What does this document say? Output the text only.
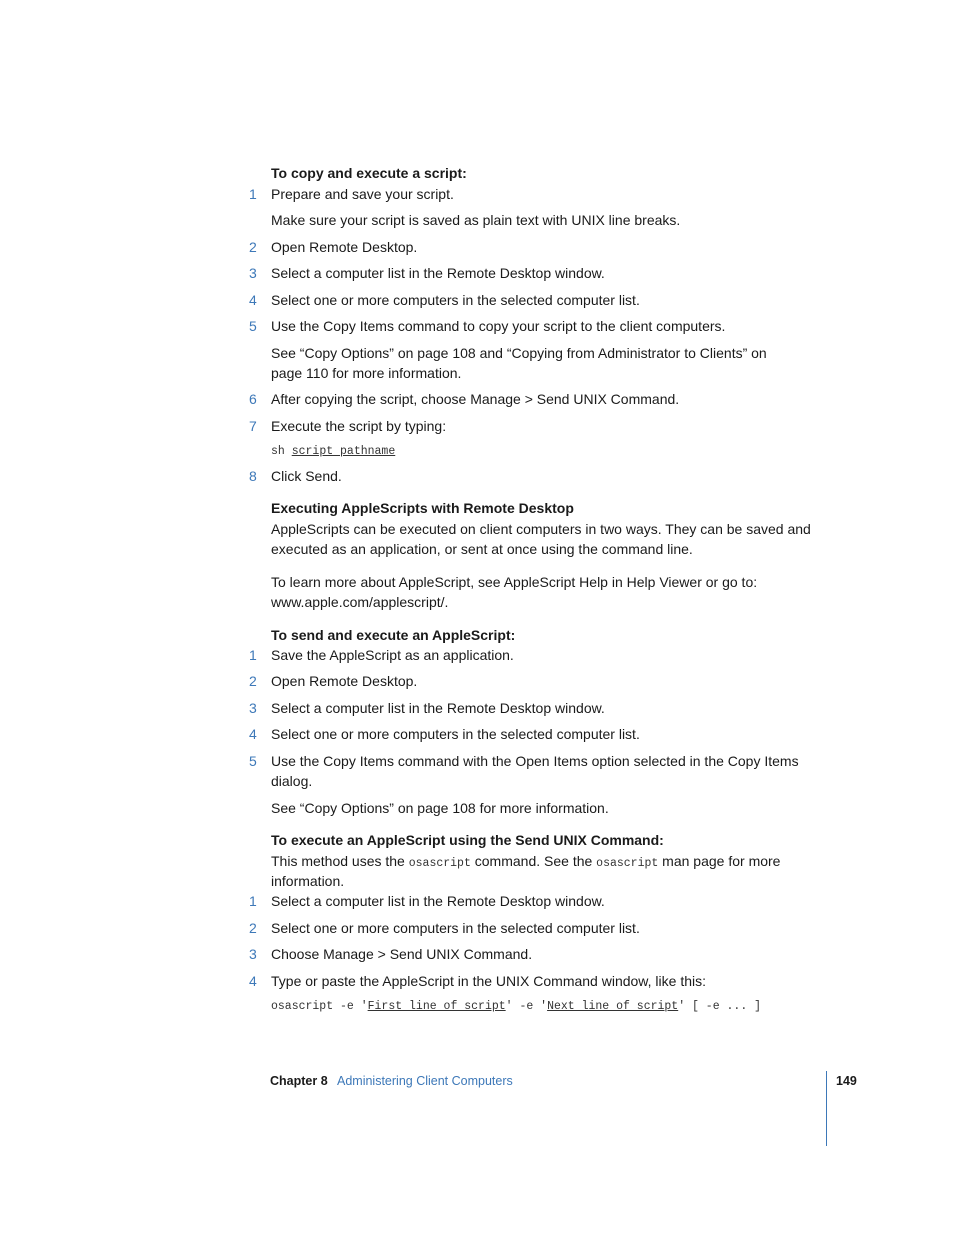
To copy and execute a script:
1	Prepare and save your script.
Make sure your script is saved as plain text with UNIX line breaks.
2	Open Remote Desktop.
3	Select a computer list in the Remote Desktop window.
4	Select one or more computers in the selected computer list.
5	Use the Copy Items command to copy your script to the client computers.
See “Copy Options” on page 108 and “Copying from Administrator to Clients” on
page 110 for more information.
6	After copying the script, choose Manage > Send UNIX Command.
7	Execute the script by typing:
sh script pathname
8	Click Send.
Executing AppleScripts with Remote Desktop
AppleScripts can be executed on client computers in two ways. They can be saved and
executed as an application, or sent at once using the command line.
To learn more about AppleScript, see AppleScript Help in Help Viewer or go to:
www.apple.com/applescript/.
To send and execute an AppleScript:
1	Save the AppleScript as an application.
2	Open Remote Desktop.
3	Select a computer list in the Remote Desktop window.
4	Select one or more computers in the selected computer list.
5	Use the Copy Items command with the Open Items option selected in the Copy Items
dialog.
See “Copy Options” on page 108 for more information.
To execute an AppleScript using the Send UNIX Command:
This method uses the osascript command. See the osascript man page for more
information.
1	Select a computer list in the Remote Desktop window.
2	Select one or more computers in the selected computer list.
3	Choose Manage > Send UNIX Command.
4	Type or paste the AppleScript in the UNIX Command window, like this:
osascript -e 'First line of script' -e 'Next line of script' [ -e ... ]
Chapter 8 Administering Client Computers	149
